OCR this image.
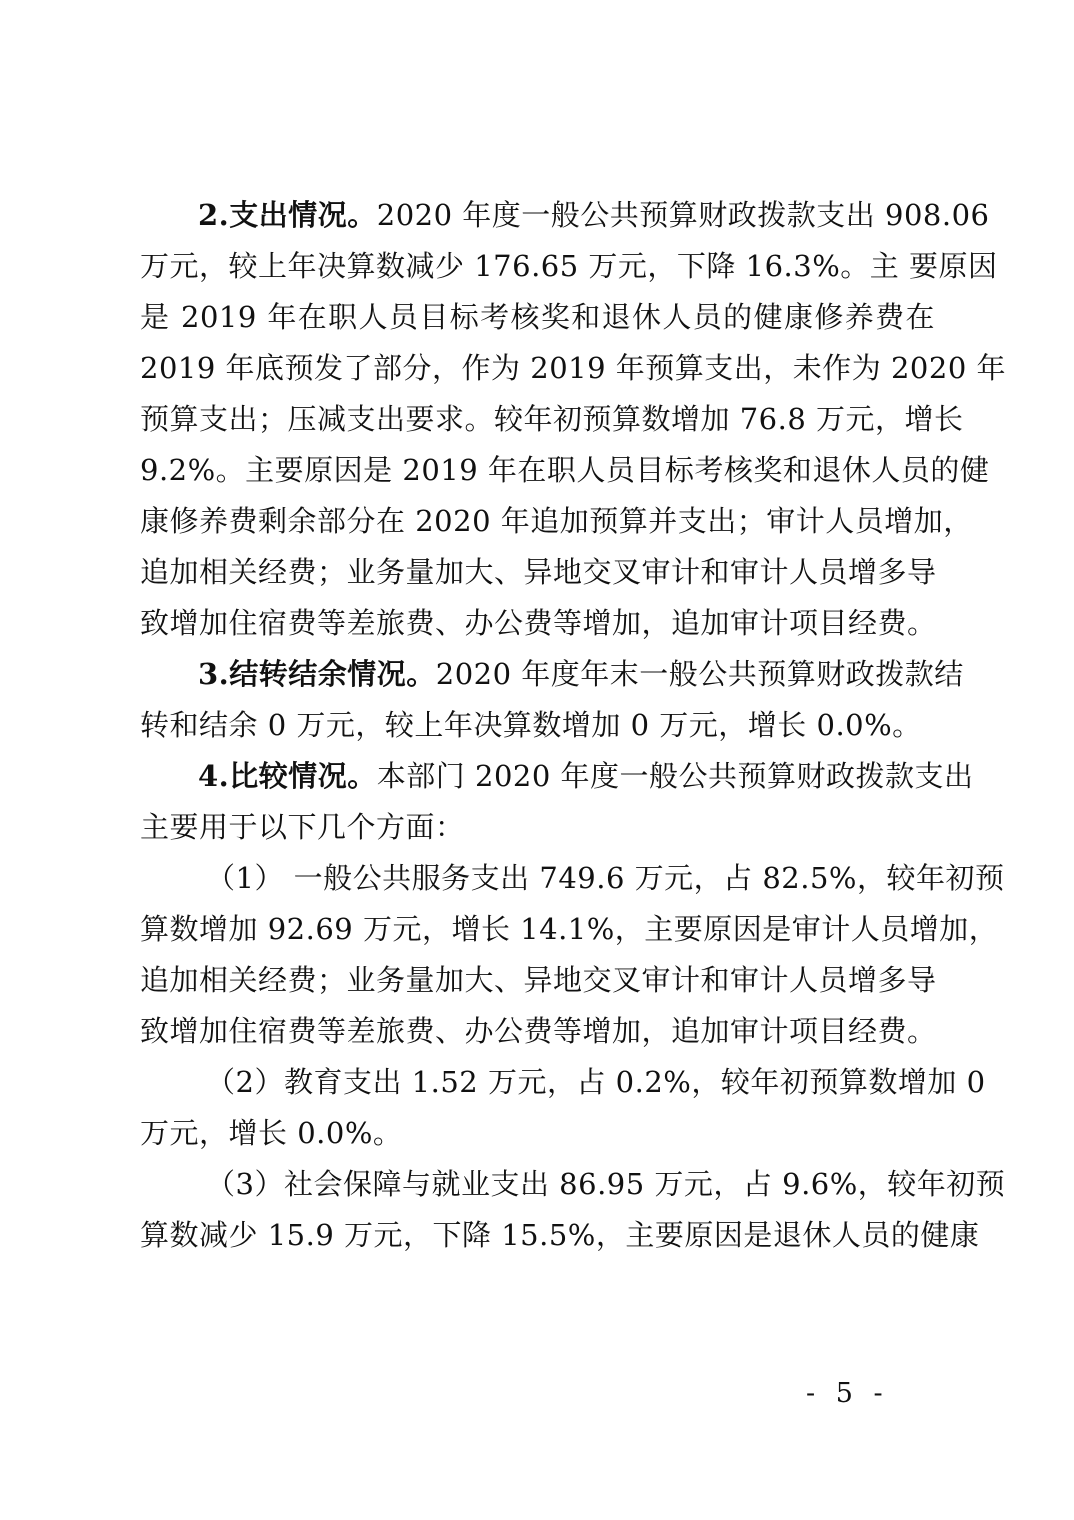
2.支出情况。2020 年度一般公共预算财政拨款支出 908.06
万元，较上年决算数减少 176.65 万元，下降 16.3%。主 要原因
是 2019 年在职人员目标考核奖和退休人员的健康修养费在
2019 年底预发了部分，作为 2019 年预算支出，未作为 2020 年
预算支出；压减支出要求。较年初预算数增加 76.8 万元，增长
9.2%。主要原因是 2019 年在职人员目标考核奖和退休人员的健
康修养费剩余部分在 2020 年追加预算并支出；审计人员增加，
追加相关经费；业务量加大、异地交叉审计和审计人员增多导
致增加住宿费等差旅费、办公费等增加，追加审计项目经费。
3.结转结余情况。2020 年度年末一般公共预算财政拨款结
转和结余 0 万元，较上年决算数增加 0 万元，增长 0.0%。
4.比较情况。本部门 2020 年度一般公共预算财政拨款支出
主要用于以下几个方面：
（1） 一般公共服务支出 749.6 万元，占 82.5%，较年初预
算数增加 92.69 万元，增长 14.1%，主要原因是审计人员增加，
追加相关经费；业务量加大、异地交叉审计和审计人员增多导
致增加住宿费等差旅费、办公费等增加，追加审计项目经费。
（2）教育支出 1.52 万元，占 0.2%，较年初预算数增加 0
万元，增长 0.0%。
（3）社会保障与就业支出 86.95 万元，占 9.6%，较年初预
算数减少 15.9 万元，下降 15.5%，主要原因是退休人员的健康
- 5 -
